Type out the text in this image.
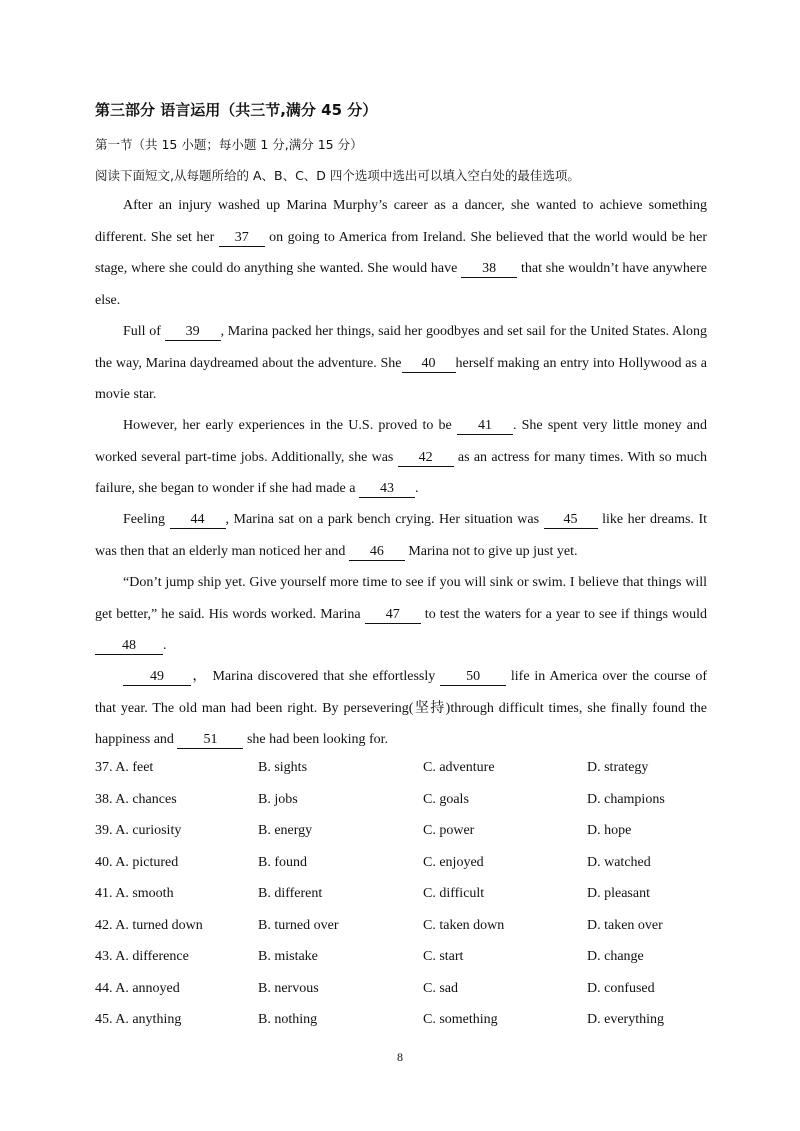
第三部分 语言运用（共三节,满分 45 分）
第一节（共 15 小题；每小题 1 分,满分 15 分）
阅读下面短文,从每题所给的 A、B、C、D 四个选项中选出可以填入空白处的最佳选项。

After an injury washed up Marina Murphy’s career as a dancer, she wanted to achieve something different. She set her 37 on going to America from Ireland. She believed that the world would be her stage, where she could do anything she wanted. She would have 38 that she wouldn’t have anywhere else.

Full of 39 , Marina packed her things, said her goodbyes and set sail for the United States. Along the way, Marina daydreamed about the adventure. She 40 herself making an entry into Hollywood as a movie star.

However, her early experiences in the U.S. proved to be 41 . She spent very little money and worked several part-time jobs. Additionally, she was 42 as an actress for many times. With so much failure, she began to wonder if she had made a 43 .

Feeling 44 , Marina sat on a park bench crying. Her situation was 45 like her dreams. It was then that an elderly man noticed her and 46 Marina not to give up just yet.

“Don’t jump ship yet. Give yourself more time to see if you will sink or swim. I believe that things will get better,” he said. His words worked. Marina 47 to test the waters for a year to see if things would 48 .

49 ， Marina discovered that she effortlessly 50 life in America over the course of that year. The old man had been right. By persevering(坚持)through difficult times, she finally found the happiness and 51 she had been looking for.

37. A. feet	B. sights	C. adventure	D. strategy
38. A. chances	B. jobs	C. goals	D. champions
39. A. curiosity	B. energy	C. power	D. hope
40. A. pictured	B. found	C. enjoyed	D. watched
41. A. smooth	B. different	C. difficult	D. pleasant
42. A. turned down	B. turned over	C. taken down	D. taken over
43. A. difference	B. mistake	C. start	D. change
44. A. annoyed	B. nervous	C. sad	D. confused
45. A. anything	B. nothing	C. something	D. everything
8
